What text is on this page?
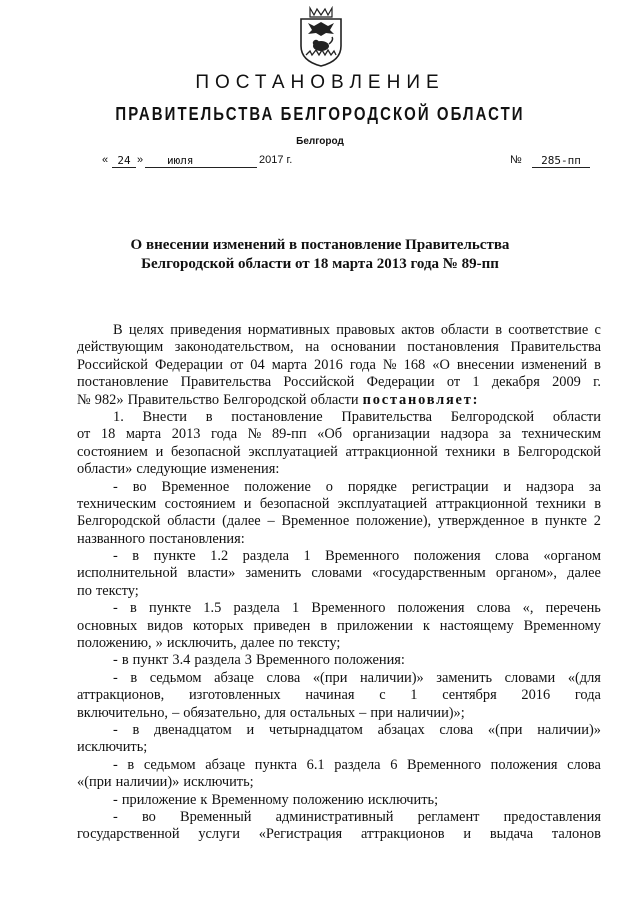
ПОСТАНОВЛЕНИЕ
ПРАВИТЕЛЬСТВА БЕЛГОРОДСКОЙ ОБЛАСТИ
Белгород
« 24 »	июля	2017 г.	№	285-пп
О внесении изменений в постановление Правительства
Белгородской области от 18 марта 2013 года № 89-пп
В целях приведения нормативных правовых актов области в соответствие с
действующим законодательством, на основании постановления Правительства
Российской Федерации от 04 марта 2016 года № 168 «О внесении изменений в
постановление Правительства Российской Федерации от 1 декабря 2009 г.
№ 982» Правительство Белгородской области постановляет:
1. Внести в постановление Правительства Белгородской области
от 18 марта 2013 года № 89-пп «Об организации надзора за техническим
состоянием и безопасной эксплуатацией аттракционной техники в Белгородской
области» следующие изменения:
- во Временное положение о порядке регистрации и надзора за
техническим состоянием и безопасной эксплуатацией аттракционной техники в
Белгородской области (далее – Временное положение), утвержденное в пункте 2
названного постановления:
- в пункте 1.2 раздела 1 Временного положения слова «органом
исполнительной власти» заменить словами «государственным органом», далее
по тексту;
- в пункте 1.5 раздела 1 Временного положения слова «, перечень
основных видов которых приведен в приложении к настоящему Временному
положению, » исключить, далее по тексту;
- в пункт 3.4 раздела 3 Временного положения:
- в седьмом абзаце слова «(при наличии)» заменить словами «(для
аттракционов, изготовленных начиная с 1 сентября 2016 года
включительно, – обязательно, для остальных – при наличии)»;
- в двенадцатом и четырнадцатом абзацах слова «(при наличии)»
исключить;
- в седьмом абзаце пункта 6.1 раздела 6 Временного положения слова
«(при наличии)» исключить;
- приложение к Временному положению исключить;
- во Временный административный регламент предоставления
государственной услуги «Регистрация аттракционов и выдача талонов
